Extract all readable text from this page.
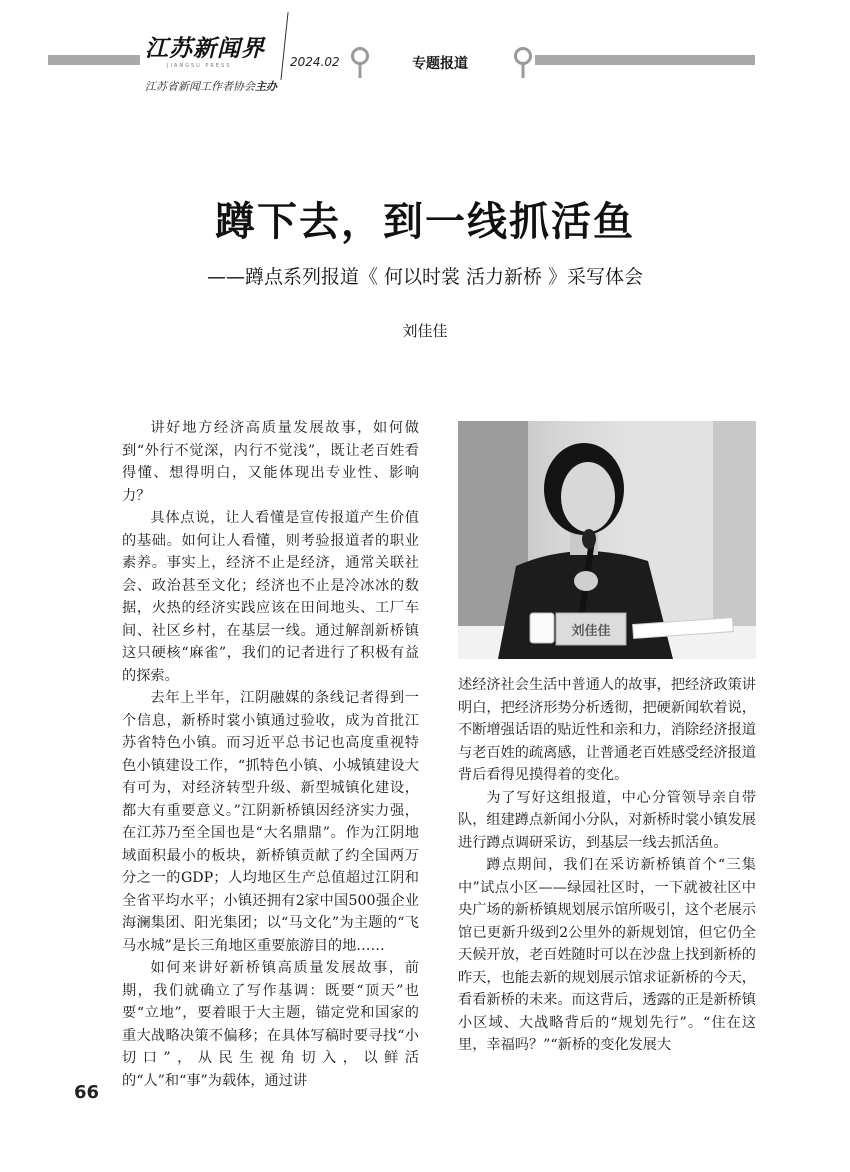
江苏新闻界
JIANGSU PRESS
江苏省新闻工作者协会主办
2024.02	专题报道
蹲下去，到一线抓活鱼
——蹲点系列报道《 何以时裳 活力新桥 》采写体会
刘佳佳

讲好地方经济高质量发展故事，如何做到“外行不觉深，内行不觉浅”，既让老百姓看得懂、想得明白，又能体现出专业性、影响力？

具体点说，让人看懂是宣传报道产生价值的基础。如何让人看懂，则考验报道者的职业素养。事实上，经济不止是经济，通常关联社会、政治甚至文化；经济也不止是冷冰冰的数据，火热的经济实践应该在田间地头、工厂车间、社区乡村，在基层一线。通过解剖新桥镇这只硬核“麻雀”，我们的记者进行了积极有益的探索。

去年上半年，江阴融媒的条线记者得到一个信息，新桥时裳小镇通过验收，成为首批江苏省特色小镇。而习近平总书记也高度重视特色小镇建设工作，“抓特色小镇、小城镇建设大有可为，对经济转型升级、新型城镇化建设，都大有重要意义。”江阴新桥镇因经济实力强，在江苏乃至全国也是“大名鼎鼎”。作为江阴地域面积最小的板块，新桥镇贡献了约全国两万分之一的GDP；人均地区生产总值超过江阴和全省平均水平；小镇还拥有2家中国500强企业海澜集团、阳光集团；以“马文化”为主题的“飞马水城”是长三角地区重要旅游目的地……

如何来讲好新桥镇高质量发展故事，前期，我们就确立了写作基调：既要“顶天”也要“立地”，要着眼于大主题，锚定党和国家的重大战略决策不偏移；在具体写稿时要寻找“小切口”，从民生视角切入，以鲜活的“人”和“事”为载体，通过讲

刘佳佳

述经济社会生活中普通人的故事，把经济政策讲明白，把经济形势分析透彻，把硬新闻软着说，不断增强话语的贴近性和亲和力，消除经济报道与老百姓的疏离感，让普通老百姓感受经济报道背后看得见摸得着的变化。

为了写好这组报道，中心分管领导亲自带队，组建蹲点新闻小分队，对新桥时裳小镇发展进行蹲点调研采访，到基层一线去抓活鱼。

蹲点期间，我们在采访新桥镇首个“三集中”试点小区——绿园社区时，一下就被社区中央广场的新桥镇规划展示馆所吸引，这个老展示馆已更新升级到2公里外的新规划馆，但它仍全天候开放，老百姓随时可以在沙盘上找到新桥的昨天，也能去新的规划展示馆求证新桥的今天，看看新桥的未来。而这背后，透露的正是新桥镇小区域、大战略背后的“规划先行”。“住在这里，幸福吗？”“新桥的变化发展大

66
